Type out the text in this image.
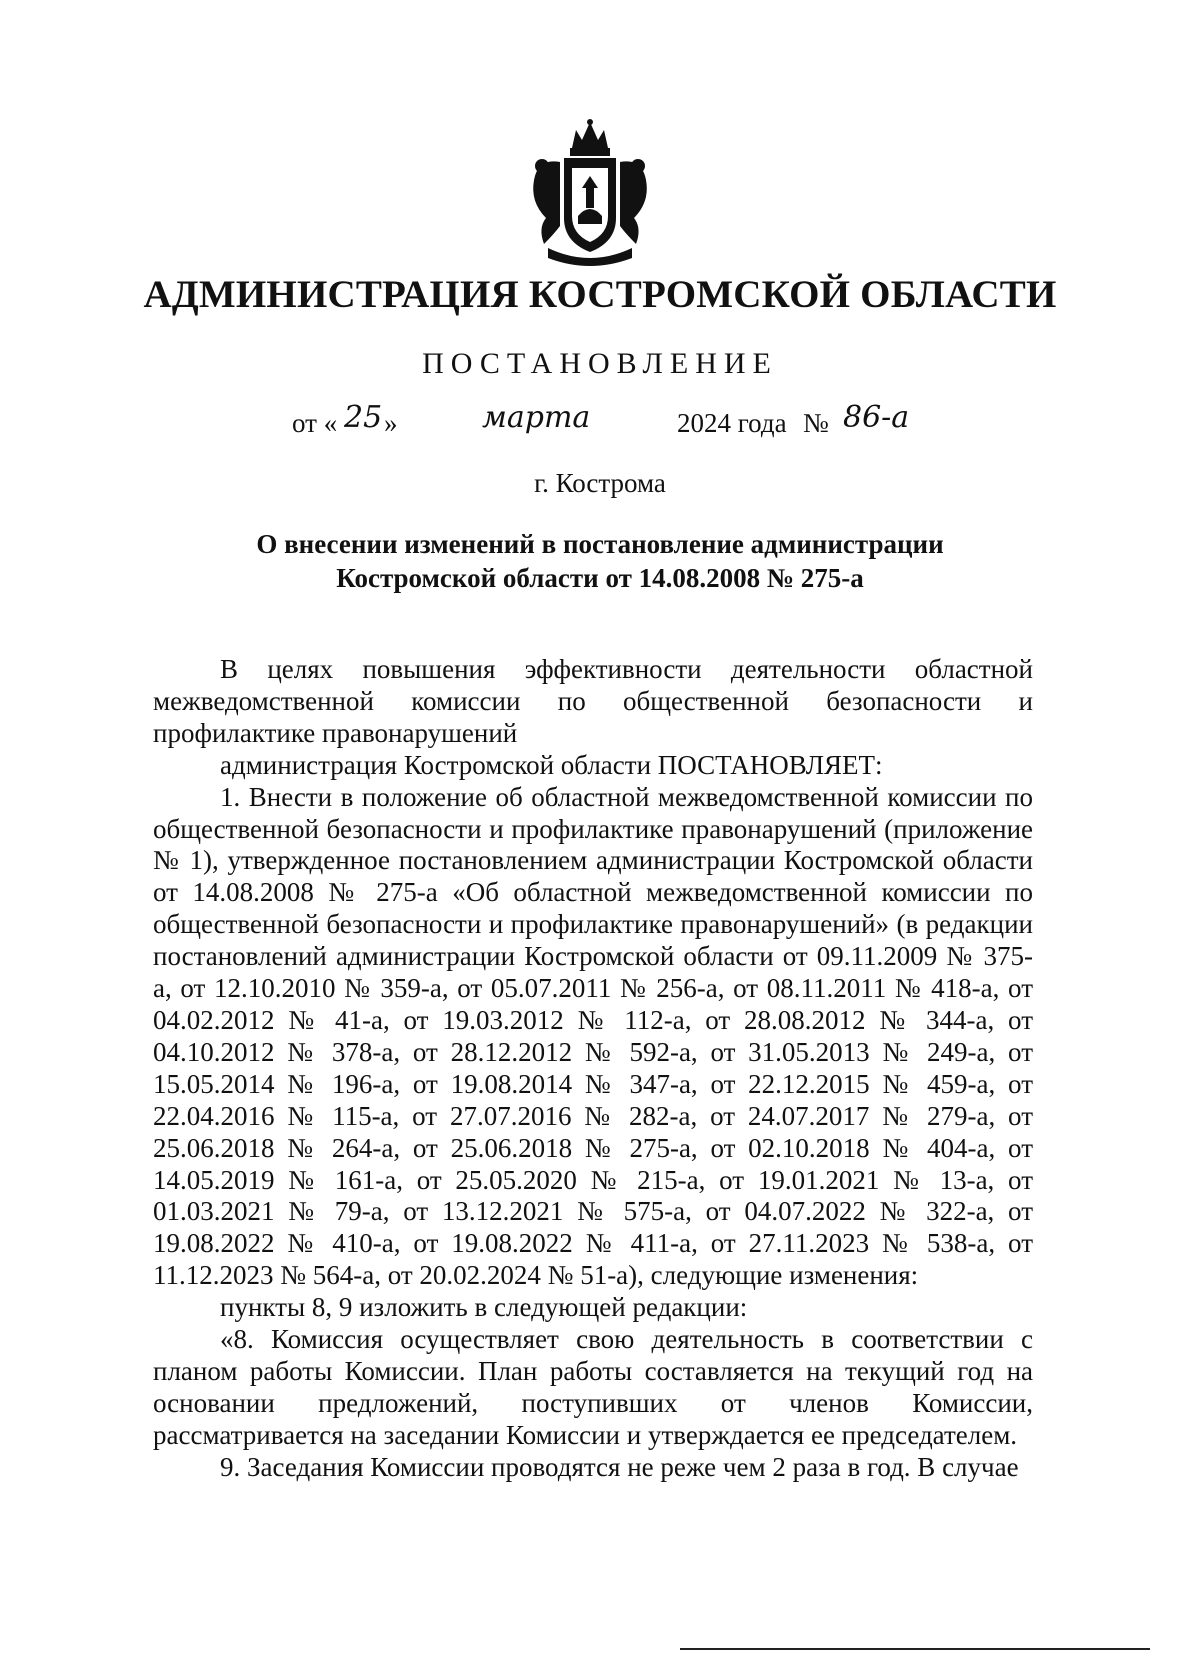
АДМИНИСТРАЦИЯ КОСТРОМСКОЙ ОБЛАСТИ
ПОСТАНОВЛЕНИЕ
от « 25 »	марта	2024 года № 86-а
г. Кострома
О внесении изменений в постановление администрации
Костромской области от 14.08.2008 № 275-а

В целях повышения эффективности деятельности областной межведомственной комиссии по общественной безопасности и профилактике правонарушений

администрация Костромской области ПОСТАНОВЛЯЕТ:

1. Внести в положение об областной межведомственной комиссии по общественной безопасности и профилактике правонарушений (приложение № 1), утвержденное постановлением администрации Костромской области от 14.08.2008 № 275-а «Об областной межведомственной комиссии по общественной безопасности и профилактике правонарушений» (в редакции постановлений администрации Костромской области от 09.11.2009 № 375-а, от 12.10.2010 № 359-а, от 05.07.2011 № 256-а, от 08.11.2011 № 418-а, от 04.02.2012 № 41-а, от 19.03.2012 № 112-а, от 28.08.2012 № 344-а, от 04.10.2012 № 378-а, от 28.12.2012 № 592-а, от 31.05.2013 № 249-а, от 15.05.2014 № 196-а, от 19.08.2014 № 347-а, от 22.12.2015 № 459-а, от 22.04.2016 № 115-а, от 27.07.2016 № 282-а, от 24.07.2017 № 279-а, от 25.06.2018 № 264-а, от 25.06.2018 № 275-а, от 02.10.2018 № 404-а, от 14.05.2019 № 161-а, от 25.05.2020 № 215-а, от 19.01.2021 № 13-а, от 01.03.2021 № 79-а, от 13.12.2021 № 575-а, от 04.07.2022 № 322-а, от 19.08.2022 № 410-а, от 19.08.2022 № 411-а, от 27.11.2023 № 538-а, от 11.12.2023 № 564-а, от 20.02.2024 № 51-а), следующие изменения:

пункты 8, 9 изложить в следующей редакции:

«8. Комиссия осуществляет свою деятельность в соответствии с планом работы Комиссии. План работы составляется на текущий год на основании предложений, поступивших от членов Комиссии, рассматривается на заседании Комиссии и утверждается ее председателем.

9. Заседания Комиссии проводятся не реже чем 2 раза в год. В случае
